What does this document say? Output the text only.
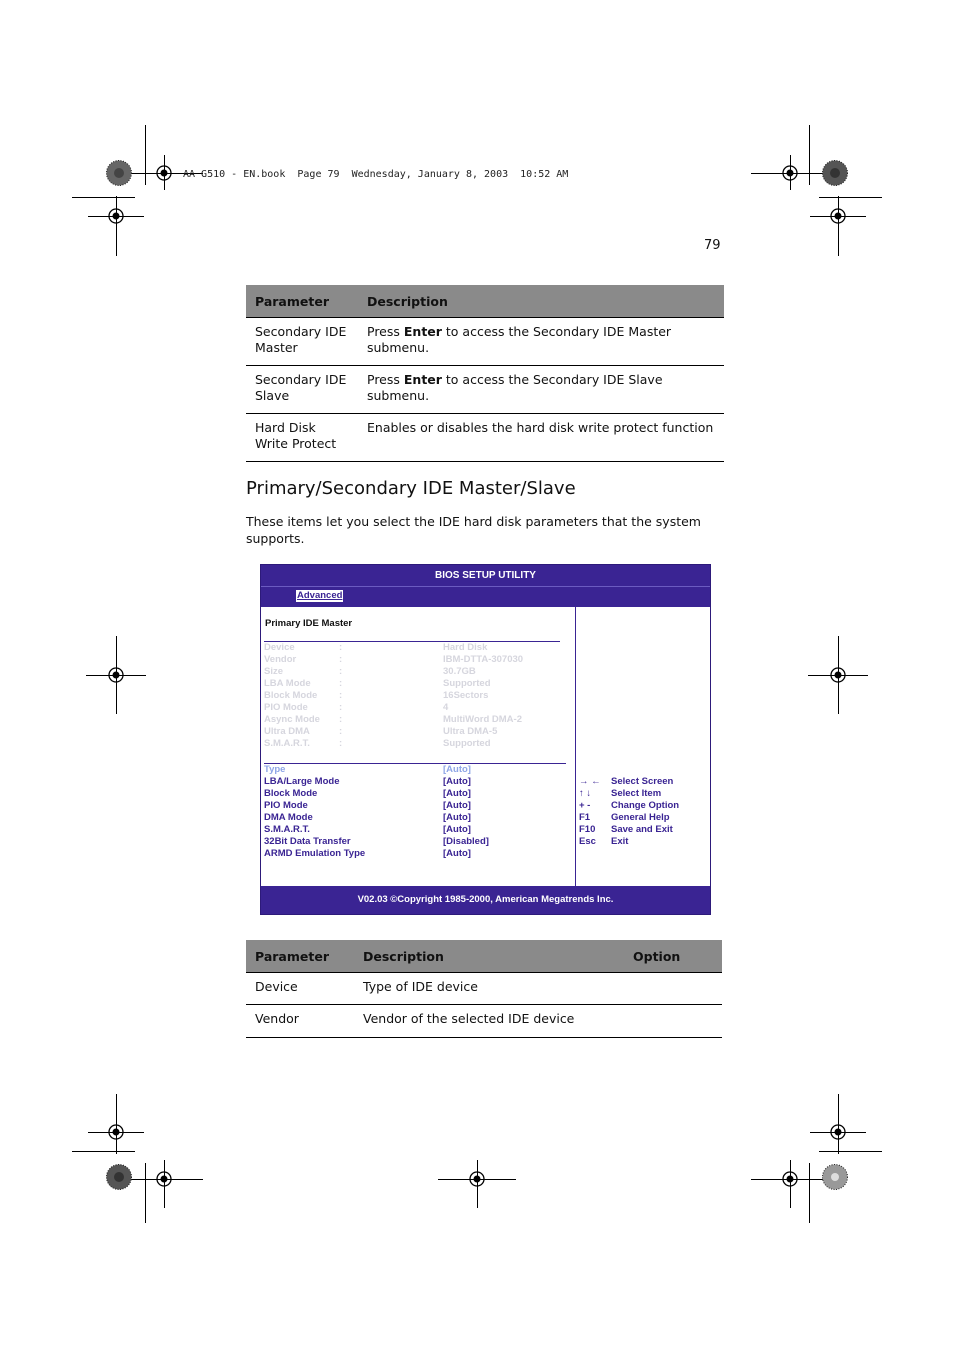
AA G510 - EN.book  Page 79  Wednesday, January 8, 2003  10:52 AM
79
Parameter	Description
Secondary IDE Master	Press Enter to access the Secondary IDE Master submenu.
Secondary IDE Slave	Press Enter to access the Secondary IDE Slave submenu.
Hard Disk Write Protect	Enables or disables the hard disk write protect function
Primary/Secondary IDE Master/Slave
These items let you select the IDE hard disk parameters that the system supports.
BIOS SETUP UTILITY
Advanced
Primary IDE Master
Device	:	Hard Disk
Vendor	:	IBM-DTTA-307030
Size	:	30.7GB
LBA Mode	:	Supported
Block Mode :	16Sectors
PIO Mode	:	4
Async Mode :	MultiWord DMA-2
Ultra DMA	:	Ultra DMA-5
S.M.A.R.T.	:	Supported
Type	[Auto]
LBA/Large Mode	[Auto]
Block Mode	[Auto]
PIO Mode	[Auto]
DMA Mode	[Auto]
S.M.A.R.T.	[Auto]
32Bit Data Transfer	[Disabled]
ARMD Emulation Type	[Auto]
→ ← Select Screen
↑ ↓ Select Item
+ - Change Option
F1 General Help
F10 Save and Exit
Esc Exit
V02.03 ©Copyright 1985-2000, American Megatrends Inc.
Parameter	Description	Option
Device	Type of IDE device	
Vendor	Vendor of the selected IDE device	
